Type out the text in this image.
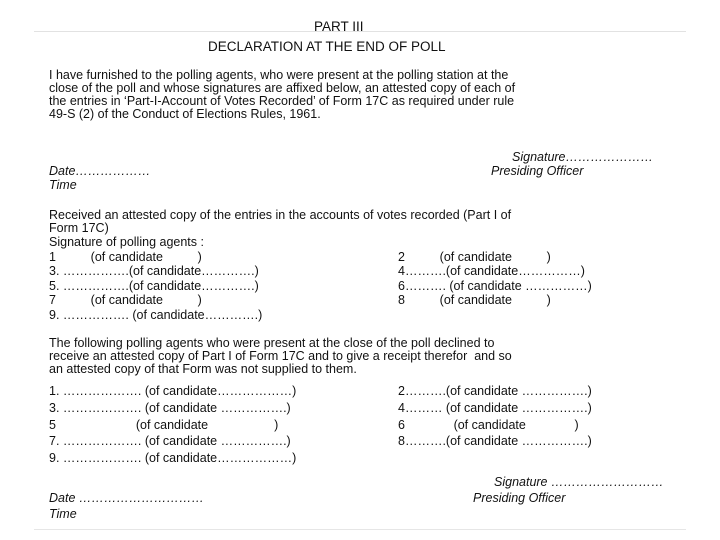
PART III
DECLARATION AT THE END OF POLL
I have furnished to the polling agents, who were present at the polling station at the
close of the poll and whose signatures are affixed below, an attested copy of each of
the entries in ‘Part-I-Account of Votes Recorded’ of Form 17C as required under rule
49-S (2) of the Conduct of Elections Rules, 1961.
Signature…………………
Date………………	Presiding Officer
Time
Received an attested copy of the entries in the accounts of votes recorded (Part I of
Form 17C)
Signature of polling agents :
1          (of candidate          )	2          (of candidate          )
3. …………….(of candidate………….)	4……….(of candidate……………)
5. …………….(of candidate………….)	6………. (of candidate ……………)
7          (of candidate          )	8          (of candidate          )
9. ……………. (of candidate………….)
The following polling agents who were present at the close of the poll declined to
receive an attested copy of Part I of Form 17C and to give a receipt therefor  and so
an attested copy of that Form was not supplied to them.
1. ………………. (of candidate………………)	2……….(of candidate …………….)
3. ………………. (of candidate …………….)	4……… (of candidate …………….)
5                       (of candidate                   )	6              (of candidate              )
7. ………………. (of candidate …………….)	8……….(of candidate …………….)
9. ………………. (of candidate………………)
Signature ………………………
Date …………………………	Presiding Officer
Time
